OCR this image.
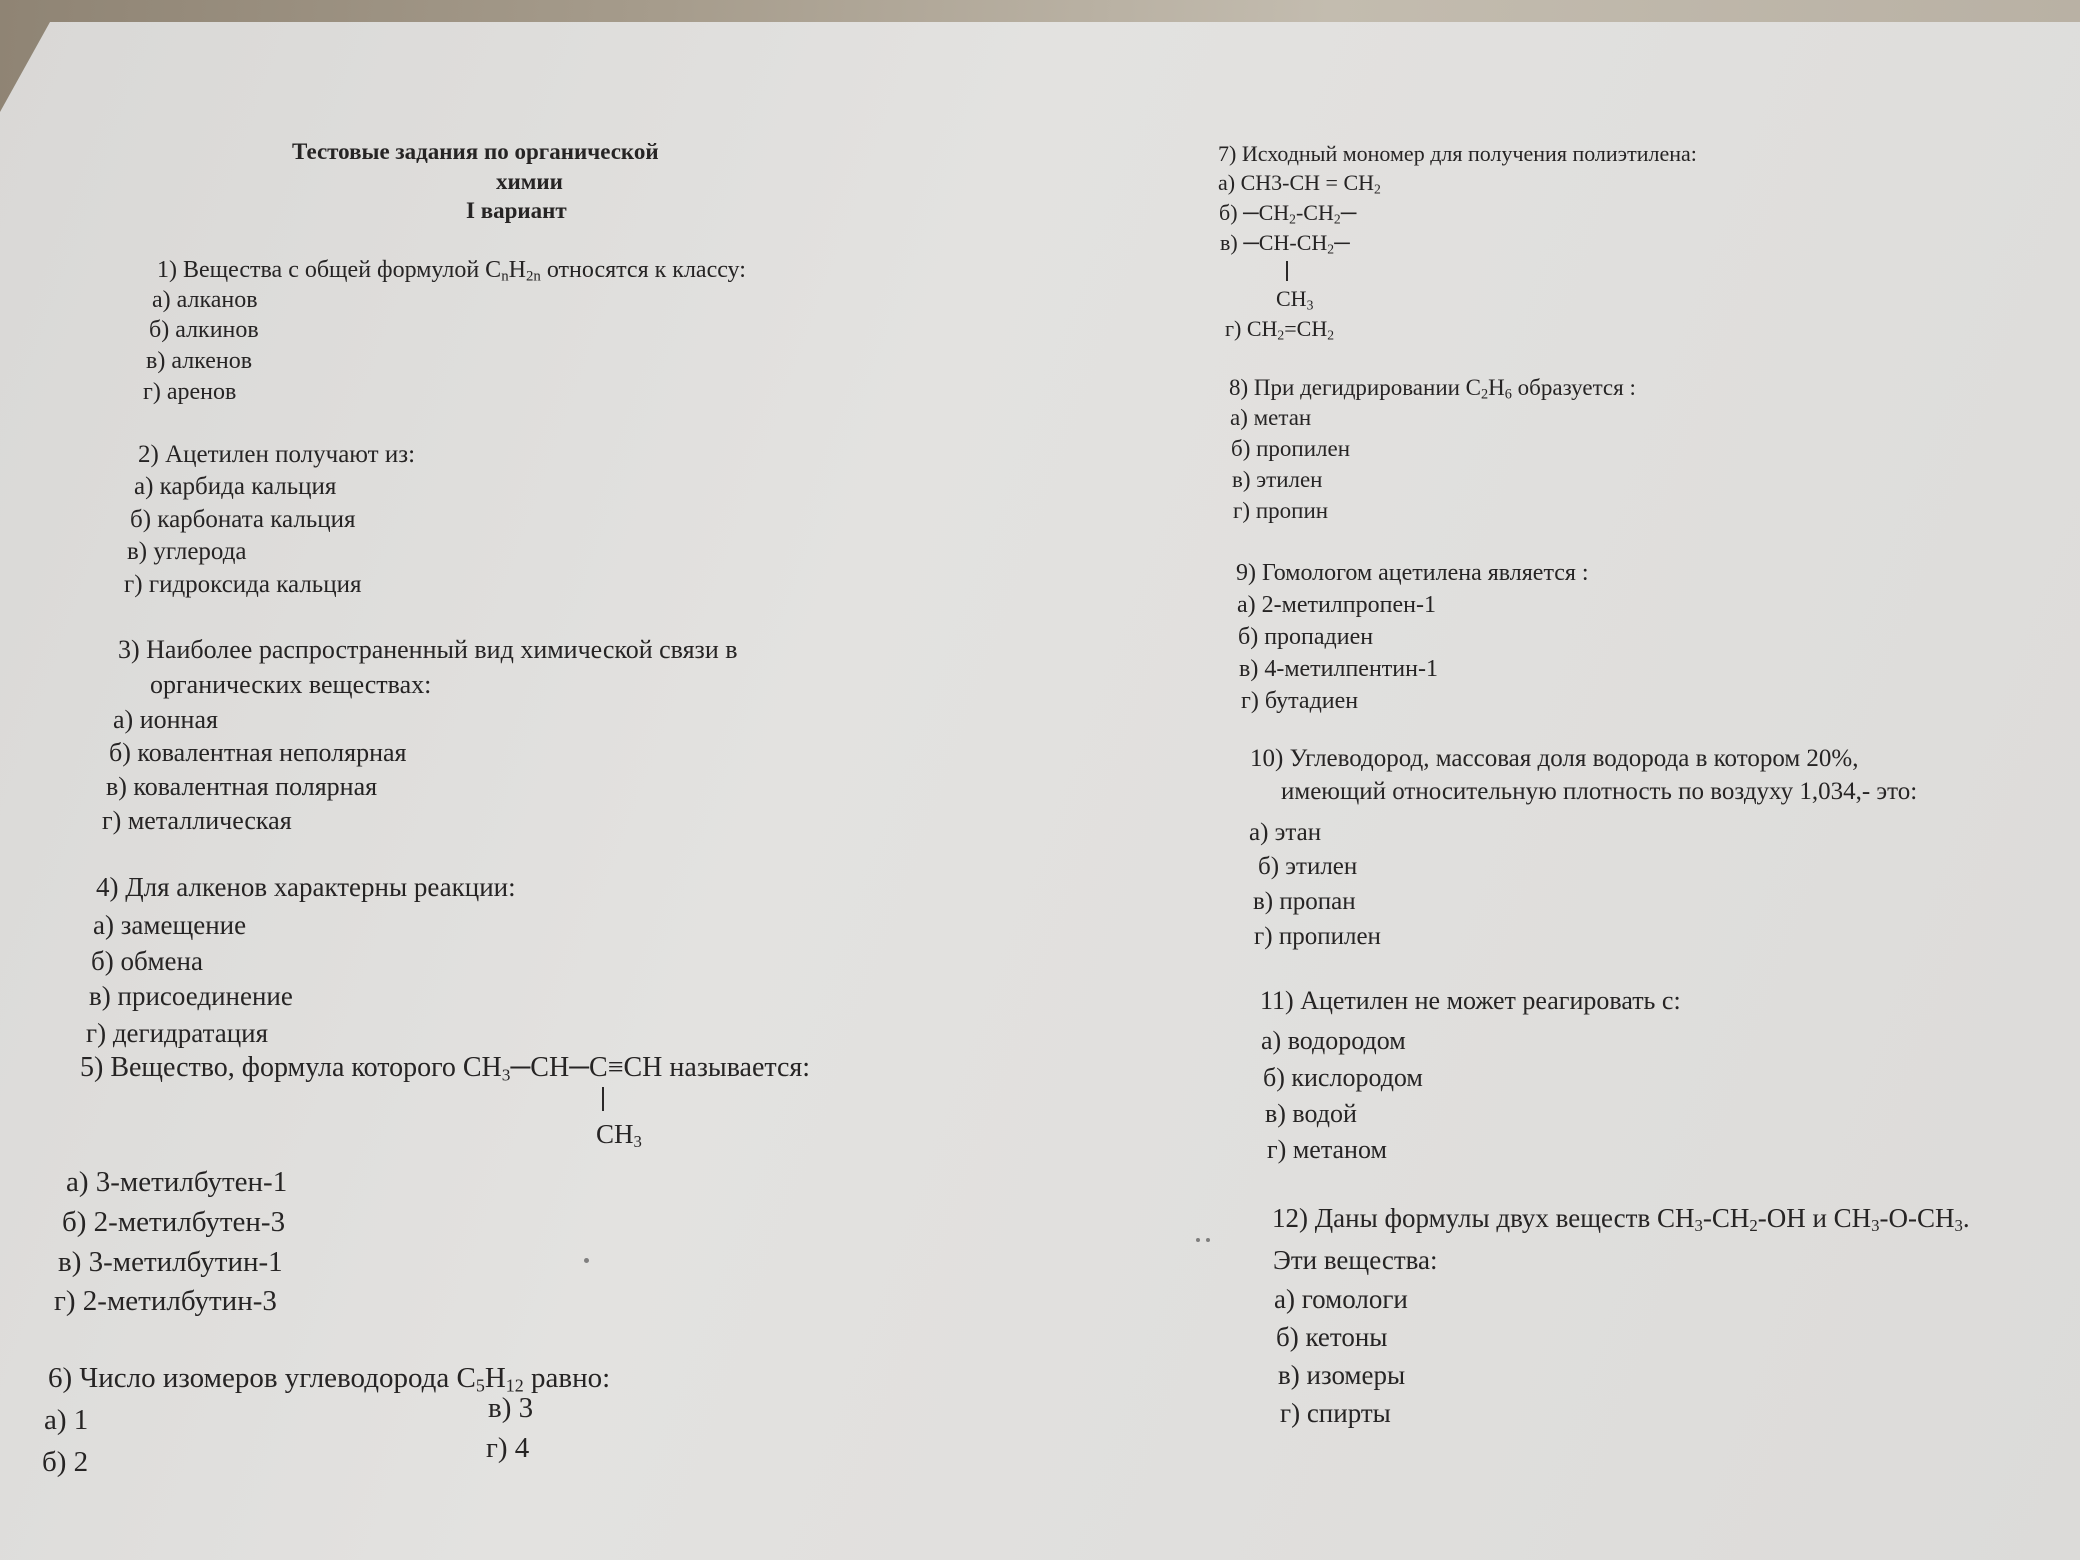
Тестовые задания по органической
химии
I вариант
1) Вещества с общей формулой $С_nН_{2n}$ относятся к классу:
а) алканов
б) алкинов
в) алкенов
г) аренов
2) Ацетилен получают из:
а) карбида кальция
б) карбоната кальция
в) углерода
г) гидроксида кальция
3) Наиболее распространенный вид химической связи в
органических веществах:
а) ионная
б) ковалентная неполярная
в) ковалентная полярная
г) металлическая
4) Для алкенов характерны реакции:
а) замещение
б) обмена
в) присоединение
г) дегидратация
5) Вещество, формула которого $СН_3─СН─С\equiv СН$ называется:
$СН_3$
а) 3-метилбутен-1
б) 2-метилбутен-3
в) 3-метилбутин-1
г) 2-метилбутин-3
6) Число изомеров углеводорода $С_5Н_{12}$ равно:
а) 1
б) 2
в) 3
г) 4
7) Исходный мономер для получения полиэтилена:
а) $СН3-СН = СН_2$
б) $─СН_2-СН_2─$
в) $─СН-СН_2─$
$СН_3$
г) $СН_2=СН_2$
8) При дегидрировании $С_2Н_6$ образуется :
а) метан
б) пропилен
в) этилен
г) пропин
9) Гомологом ацетилена является :
а) 2-метилпропен-1
б) пропадиен
в) 4-метилпентин-1
г) бутадиен
10) Углеводород, массовая доля водорода в котором 20%,
имеющий относительную плотность по воздуху 1,034,- это:
а) этан
б) этилен
в) пропан
г) пропилен
11) Ацетилен не может реагировать с:
а) водородом
б) кислородом
в) водой
г) метаном
12) Даны формулы двух веществ $СН_3-СН_2-ОН$ и $СН_3-О-СН_3$.
Эти вещества:
а) гомологи
б) кетоны
в) изомеры
г) спирты
